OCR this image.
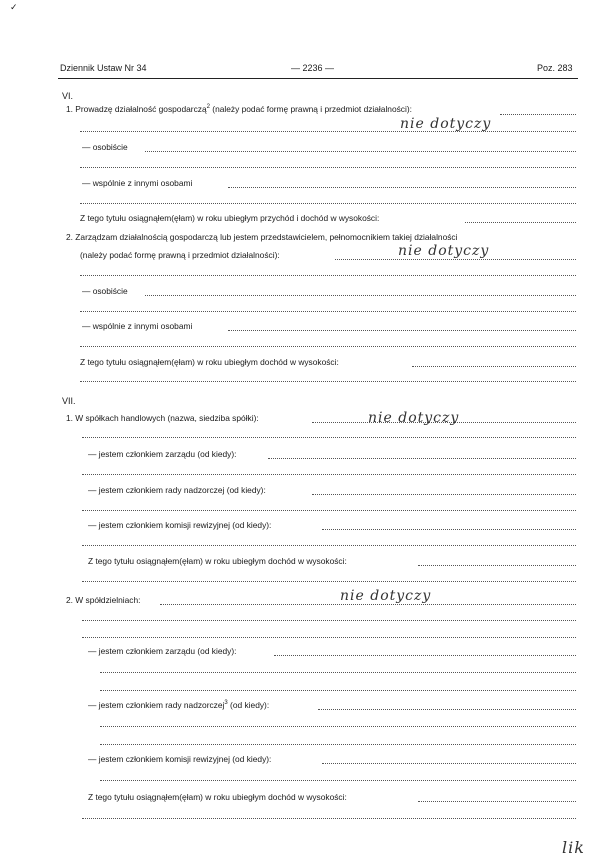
✓
Dziennik Ustaw Nr 34	— 2236 —	Poz. 283
VI.
1. Prowadzę działalność gospodarczą$^2$ (należy podać formę prawną i przedmiot działalności):
nie dotyczy
— osobiście
— wspólnie z innymi osobami
Z tego tytułu osiągnąłem(ęłam) w roku ubiegłym przychód i dochód w wysokości:
2. Zarządzam działalnością gospodarczą lub jestem przedstawicielem, pełnomocnikiem takiej działalności
(należy podać formę prawną i przedmiot działalności):	nie dotyczy
— osobiście
— wspólnie z innymi osobami
Z tego tytułu osiągnąłem(ęłam) w roku ubiegłym dochód w wysokości:
VII.
1. W spółkach handlowych (nazwa, siedziba spółki):	nie dotyczy
— jestem członkiem zarządu (od kiedy):
— jestem członkiem rady nadzorczej (od kiedy):
— jestem członkiem komisji rewizyjnej (od kiedy):
Z tego tytułu osiągnąłem(ęłam) w roku ubiegłym dochód w wysokości:
2. W spółdzielniach:	nie dotyczy
— jestem członkiem zarządu (od kiedy):
— jestem członkiem rady nadzorczej$^3$ (od kiedy):
— jestem członkiem komisji rewizyjnej (od kiedy):
Z tego tytułu osiągnąłem(ęłam) w roku ubiegłym dochód w wysokości:
lik
